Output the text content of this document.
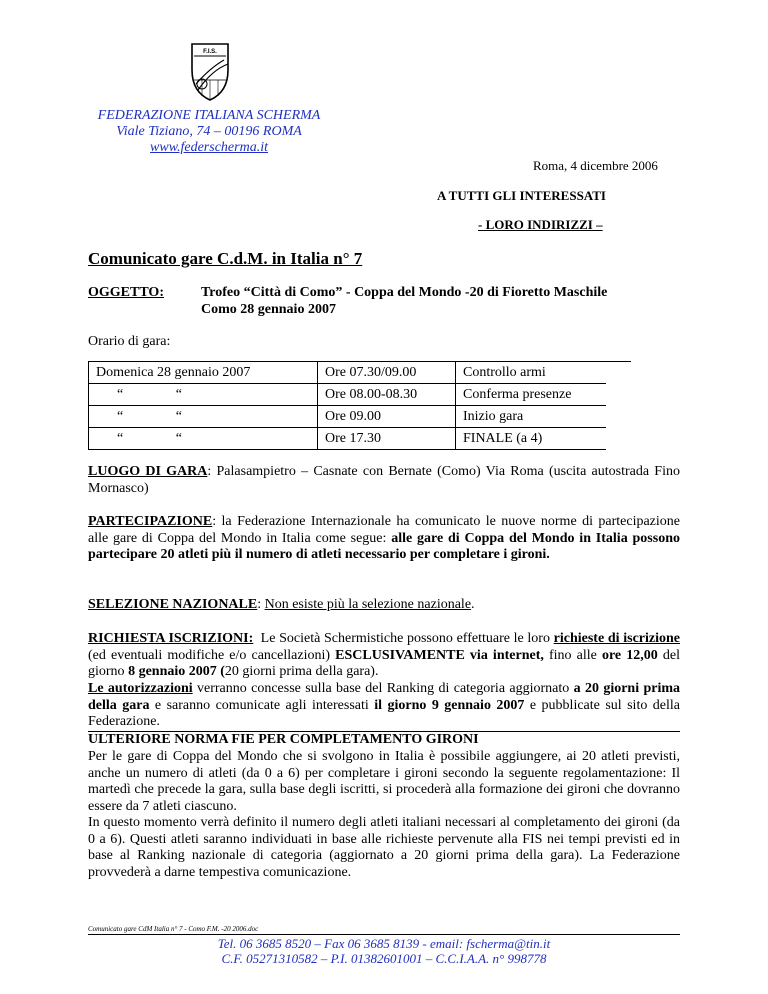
F.I.S.
FEDERAZIONE ITALIANA SCHERMA
Viale Tiziano, 74 – 00196 ROMA
www.federscherma.it
Roma, 4 dicembre 2006
A TUTTI GLI INTERESSATI
- LORO INDIRIZZI –
Comunicato gare C.d.M. in Italia n° 7
OGGETTO:	Trofeo “Città di Como” - Coppa del Mondo -20 di Fioretto Maschile
Como 28 gennaio 2007
Orario di gara:
Domenica 28 gennaio 2007	Ore 07.30/09.00	Controllo armi
“               “	Ore 08.00-08.30	Conferma presenze
“               “	Ore 09.00	Inizio gara
“               “	Ore 17.30	FINALE (a 4)
LUOGO DI GARA: Palasampietro – Casnate con Bernate (Como) Via Roma (uscita autostrada Fino Mornasco)
PARTECIPAZIONE: la Federazione Internazionale ha comunicato le nuove norme di partecipazione alle gare di Coppa del Mondo in Italia come segue: alle gare di Coppa del Mondo in Italia possono partecipare 20 atleti più il numero di atleti necessario per completare i gironi.
SELEZIONE NAZIONALE: Non esiste più la selezione nazionale.
RICHIESTA ISCRIZIONI:  Le Società Schermistiche possono effettuare le loro richieste di iscrizione (ed eventuali modifiche e/o cancellazioni) ESCLUSIVAMENTE via internet, fino alle ore 12,00 del giorno 8 gennaio 2007 (20 giorni prima della gara).
Le autorizzazioni verranno concesse sulla base del Ranking di categoria aggiornato a 20 giorni prima della gara e saranno comunicate agli interessati il giorno 9 gennaio 2007 e pubblicate sul sito della Federazione.
ULTERIORE NORMA FIE PER COMPLETAMENTO GIRONI
Per le gare di Coppa del Mondo che si svolgono in Italia è possibile aggiungere, ai 20 atleti previsti, anche un numero di atleti (da 0 a 6) per completare i gironi secondo la seguente regolamentazione: Il martedì che precede la gara, sulla base degli iscritti, si procederà alla formazione dei gironi che dovranno essere da 7 atleti ciascuno.
In questo momento verrà definito il numero degli atleti italiani necessari al completamento dei gironi (da 0 a 6). Questi atleti saranno individuati in base alle richieste pervenute alla FIS nei tempi previsti ed in base al Ranking nazionale di categoria (aggiornato a 20 giorni prima della gara). La Federazione provvederà a darne tempestiva comunicazione.
Comunicato gare CdM Italia n° 7 - Como F.M. -20 2006.doc
Tel. 06 3685 8520 – Fax 06 3685 8139 - email: fscherma@tin.it
C.F. 05271310582 – P.I. 01382601001 – C.C.I.A.A. n° 998778
